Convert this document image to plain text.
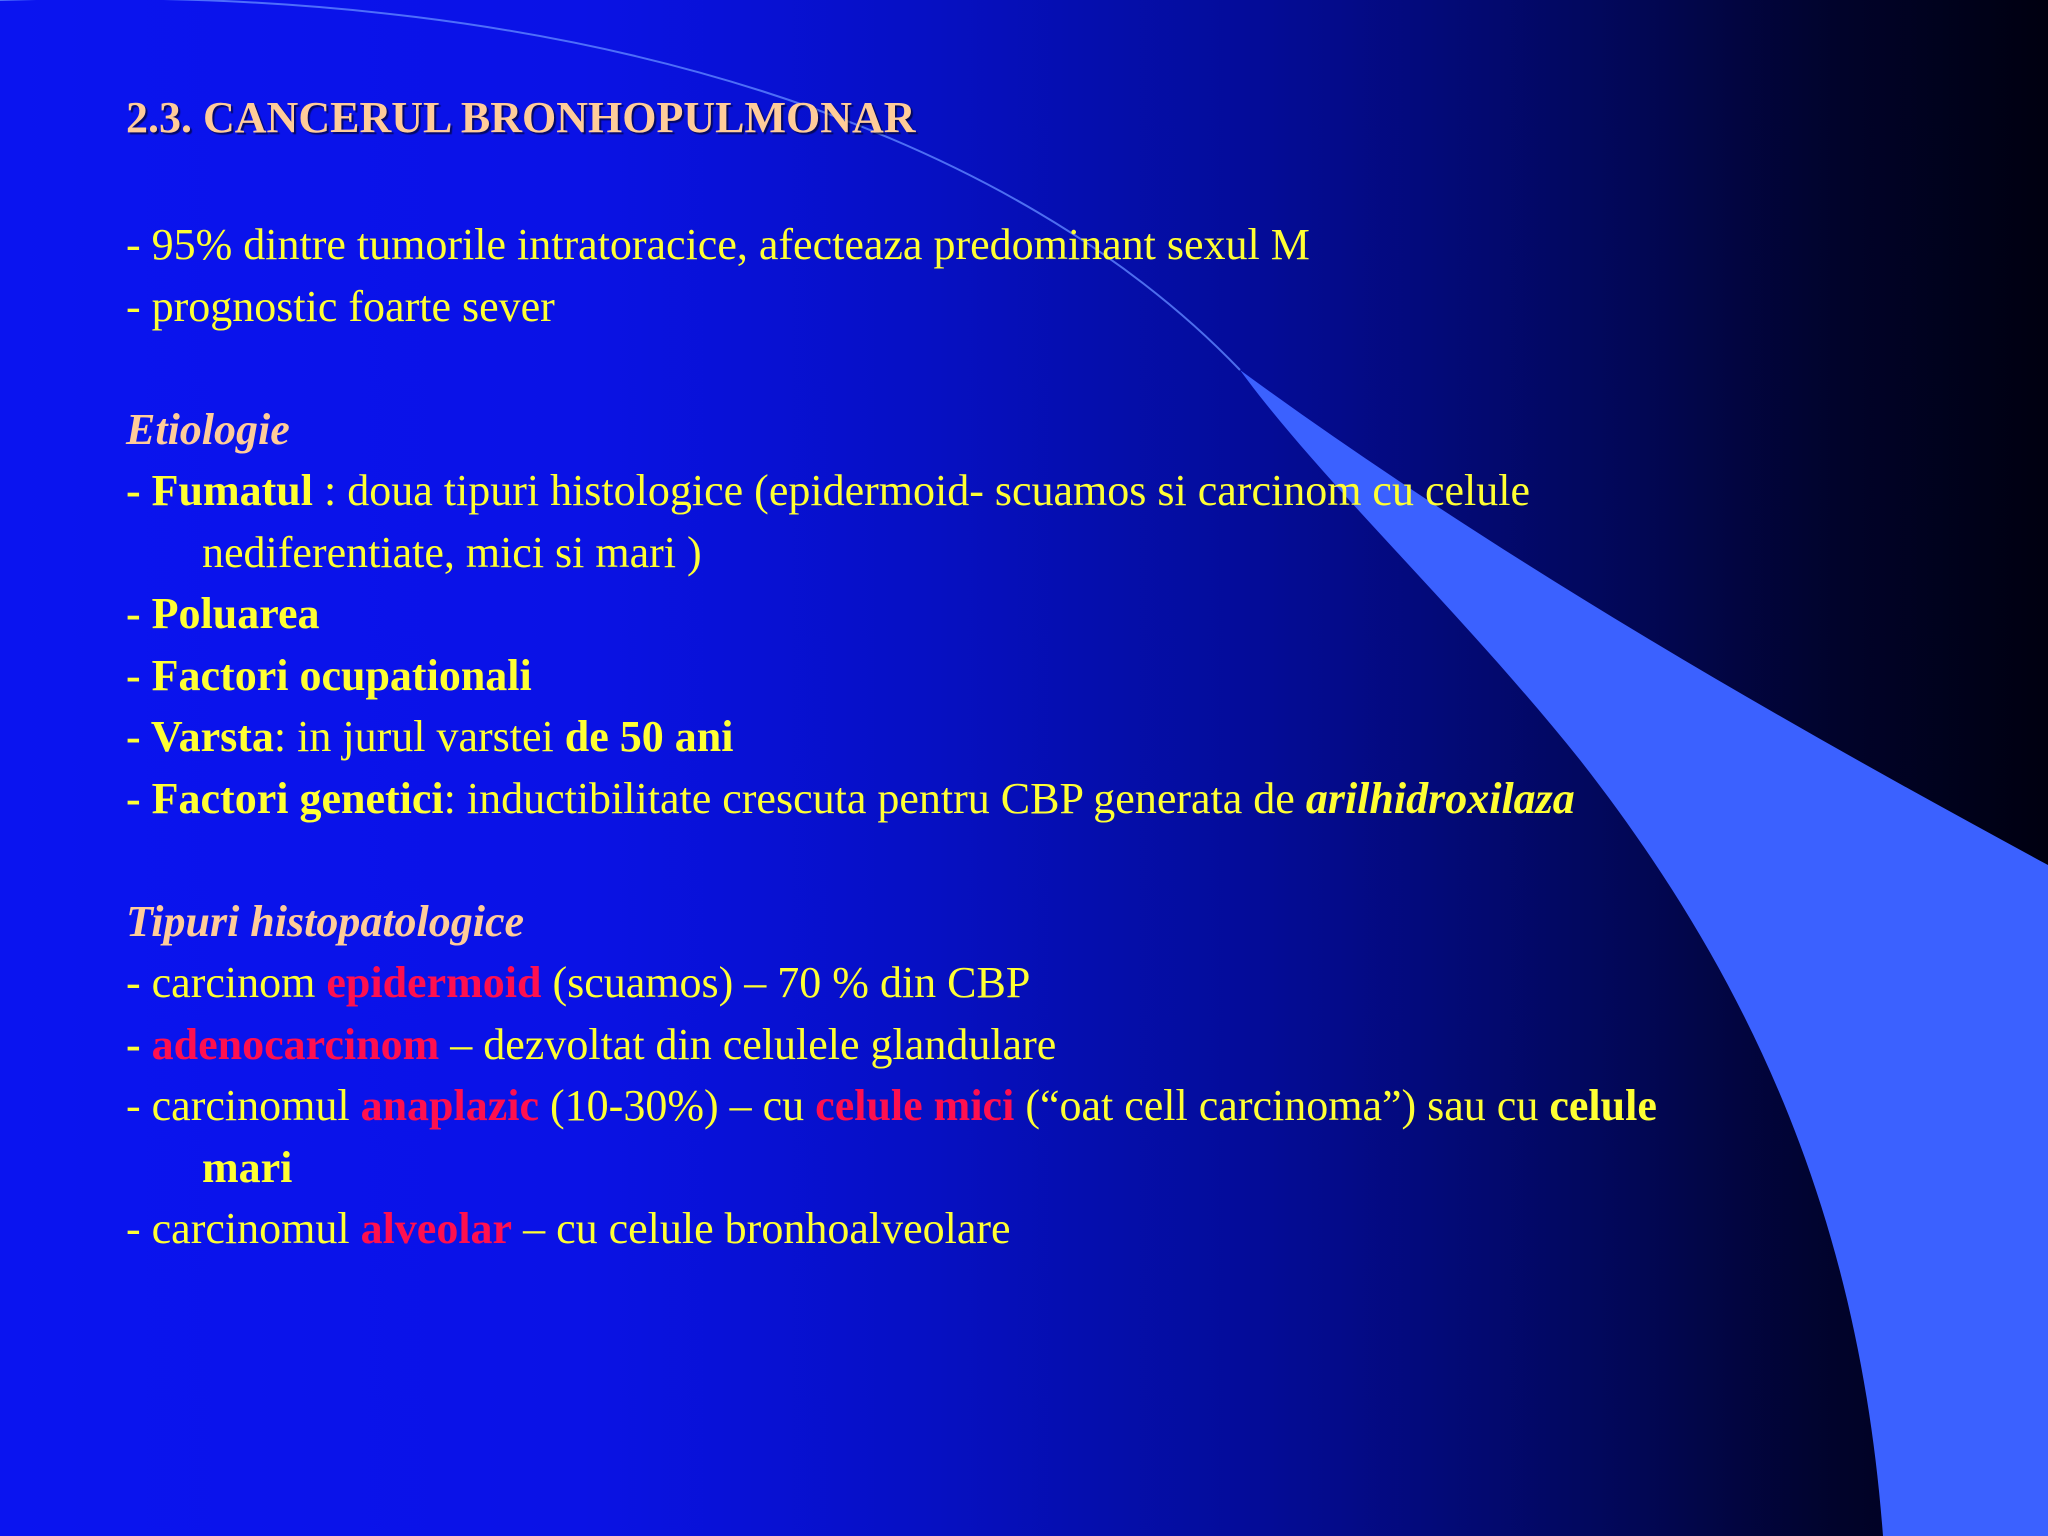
2.3. CANCERUL BRONHOPULMONAR
- 95% dintre tumorile intratoracice, afecteaza predominant sexul M
- prognostic foarte sever
Etiologie
- Fumatul : doua tipuri histologice (epidermoid- scuamos si carcinom cu celule
nediferentiate, mici si mari )
- Poluarea
- Factori ocupationali
- Varsta: in jurul varstei de 50 ani
- Factori genetici: inductibilitate crescuta pentru CBP generata de arilhidroxilaza
Tipuri histopatologice
- carcinom epidermoid (scuamos) – 70 % din CBP
- adenocarcinom – dezvoltat din celulele glandulare
- carcinomul anaplazic (10-30%) – cu celule mici (“oat cell carcinoma”) sau cu celule
mari
- carcinomul alveolar – cu celule bronhoalveolare
